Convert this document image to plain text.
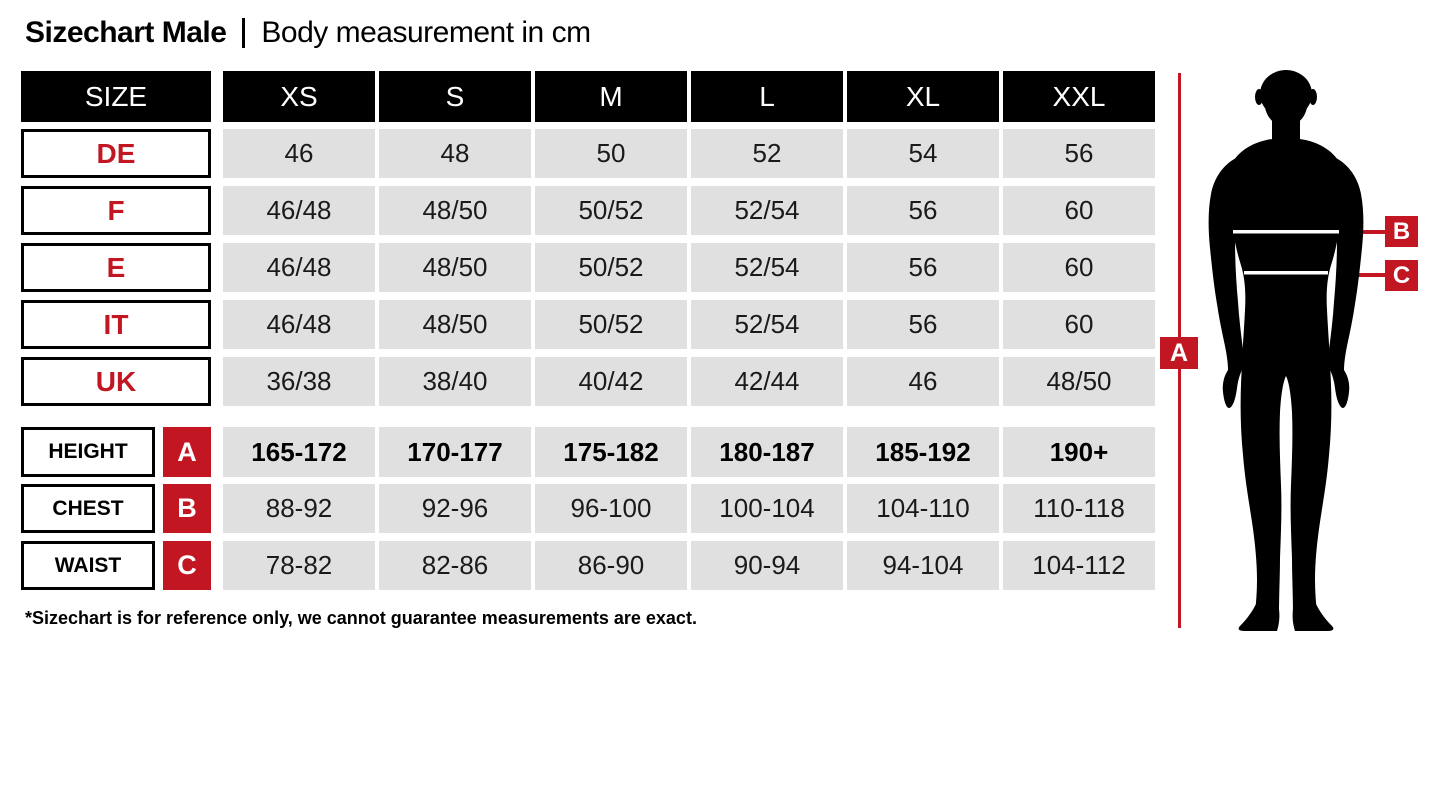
Sizechart Male Body measurement in cm
SIZE	XS	S	M	L	XL	XXL
DE	46	48	50	52	54	56
F	46/48	48/50	50/52	52/54	56	60
E	46/48	48/50	50/52	52/54	56	60
IT	46/48	48/50	50/52	52/54	56	60
UK	36/38	38/40	40/42	42/44	46	48/50
HEIGHT	A	165-172	170-177	175-182	180-187	185-192	190+
CHEST	B	88-92	92-96	96-100	100-104	104-110	110-118
WAIST	C	78-82	82-86	86-90	90-94	94-104	104-112
*Sizechart is for reference only, we cannot guarantee measurements are exact.
A
B
C
